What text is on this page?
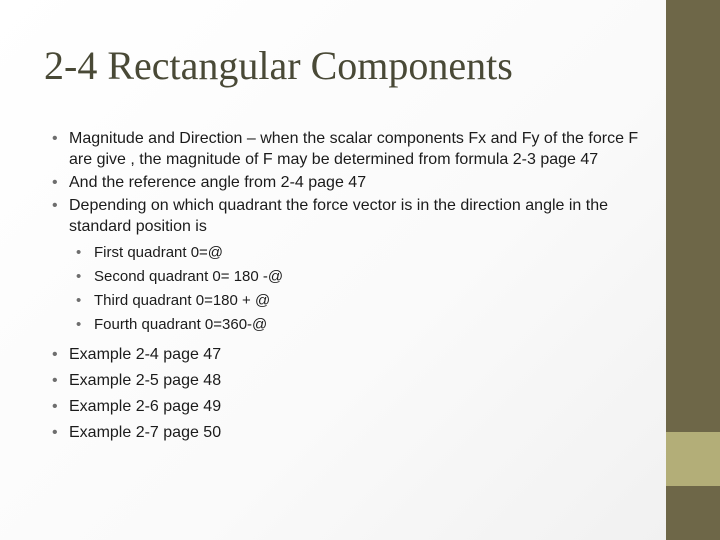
2-4 Rectangular Components
• Magnitude and Direction – when the scalar components Fx and Fy of the force F are give , the magnitude of F may be determined from formula 2-3 page 47
• And the reference angle from 2-4 page 47
• Depending on which quadrant the force vector is in the direction angle in the standard position is
• First quadrant 0=@
• Second quadrant 0= 180 -@
• Third quadrant 0=180 + @
• Fourth quadrant 0=360-@
• Example 2-4 page 47
• Example 2-5 page 48
• Example 2-6 page 49
• Example 2-7 page 50
